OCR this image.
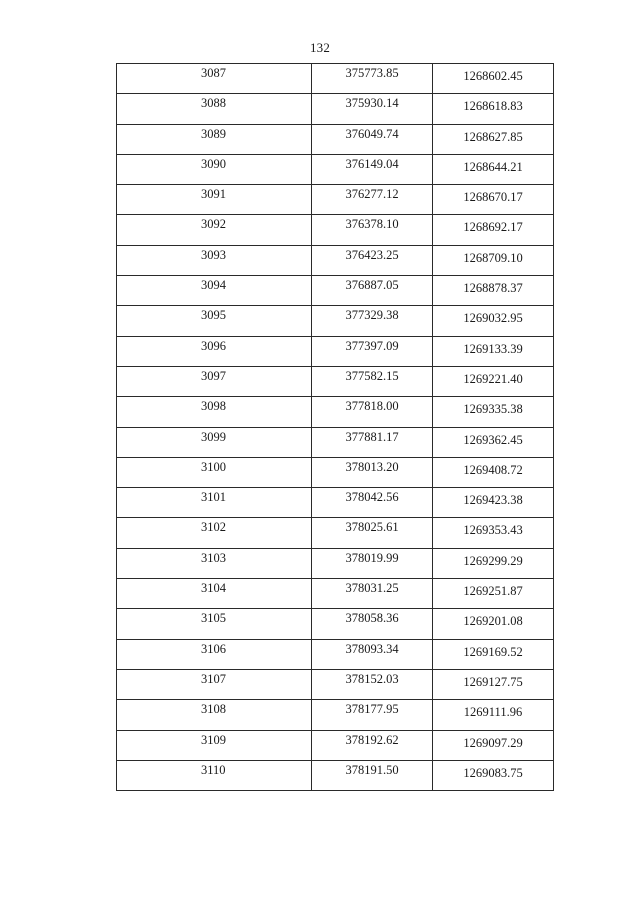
132
3087	375773.85	1268602.45
3088	375930.14	1268618.83
3089	376049.74	1268627.85
3090	376149.04	1268644.21
3091	376277.12	1268670.17
3092	376378.10	1268692.17
3093	376423.25	1268709.10
3094	376887.05	1268878.37
3095	377329.38	1269032.95
3096	377397.09	1269133.39
3097	377582.15	1269221.40
3098	377818.00	1269335.38
3099	377881.17	1269362.45
3100	378013.20	1269408.72
3101	378042.56	1269423.38
3102	378025.61	1269353.43
3103	378019.99	1269299.29
3104	378031.25	1269251.87
3105	378058.36	1269201.08
3106	378093.34	1269169.52
3107	378152.03	1269127.75
3108	378177.95	1269111.96
3109	378192.62	1269097.29
3110	378191.50	1269083.75
